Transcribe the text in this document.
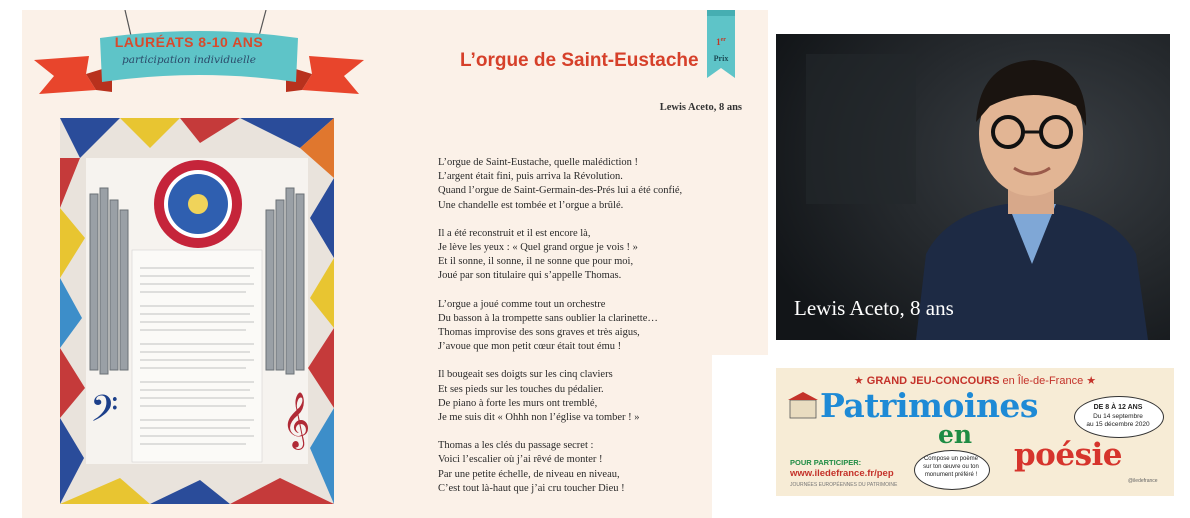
LAURÉATS 8-10 ANS
participation individuelle
𝄢	𝄞
L’orgue de Saint-Eustache
1er
Prix
Lewis Aceto, 8 ans
L’orgue de Saint-Eustache, quelle malédiction !
L’argent était fini, puis arriva la Révolution.
Quand l’orgue de Saint-Germain-des-Prés lui a été confié,
Une chandelle est tombée et l’orgue a brûlé.
Il a été reconstruit et il est encore là,
Je lève les yeux : « Quel grand orgue je vois ! »
Et il sonne, il sonne, il ne sonne que pour moi,
Joué par son titulaire qui s’appelle Thomas.
L’orgue a joué comme tout un orchestre
Du basson à la trompette sans oublier la clarinette…
Thomas improvise des sons graves et très aigus,
J’avoue que mon petit cœur était tout ému !
Il bougeait ses doigts sur les cinq claviers
Et ses pieds sur les touches du pédalier.
De piano à forte les murs ont tremblé,
Je me suis dit « Ohhh non l’église va tomber ! »
Thomas a les clés du passage secret :
Voici l’escalier où j’ai rêvé de monter !
Par une petite échelle, de niveau en niveau,
C’est tout là-haut que j’ai cru toucher Dieu !
Lewis Aceto, 8 ans
★ GRAND JEU-CONCOURS en Île-de-France ★
Patrimoines
en
poésie
DE 8 À 12 ANS
Du 14 septembre
au 15 décembre 2020
POUR PARTICIPER:
www.iledefrance.fr/pep
JOURNÉES EUROPÉENNES DU PATRIMOINE
Compose un poème
sur ton œuvre ou ton
monument préféré !
@iledefrance
